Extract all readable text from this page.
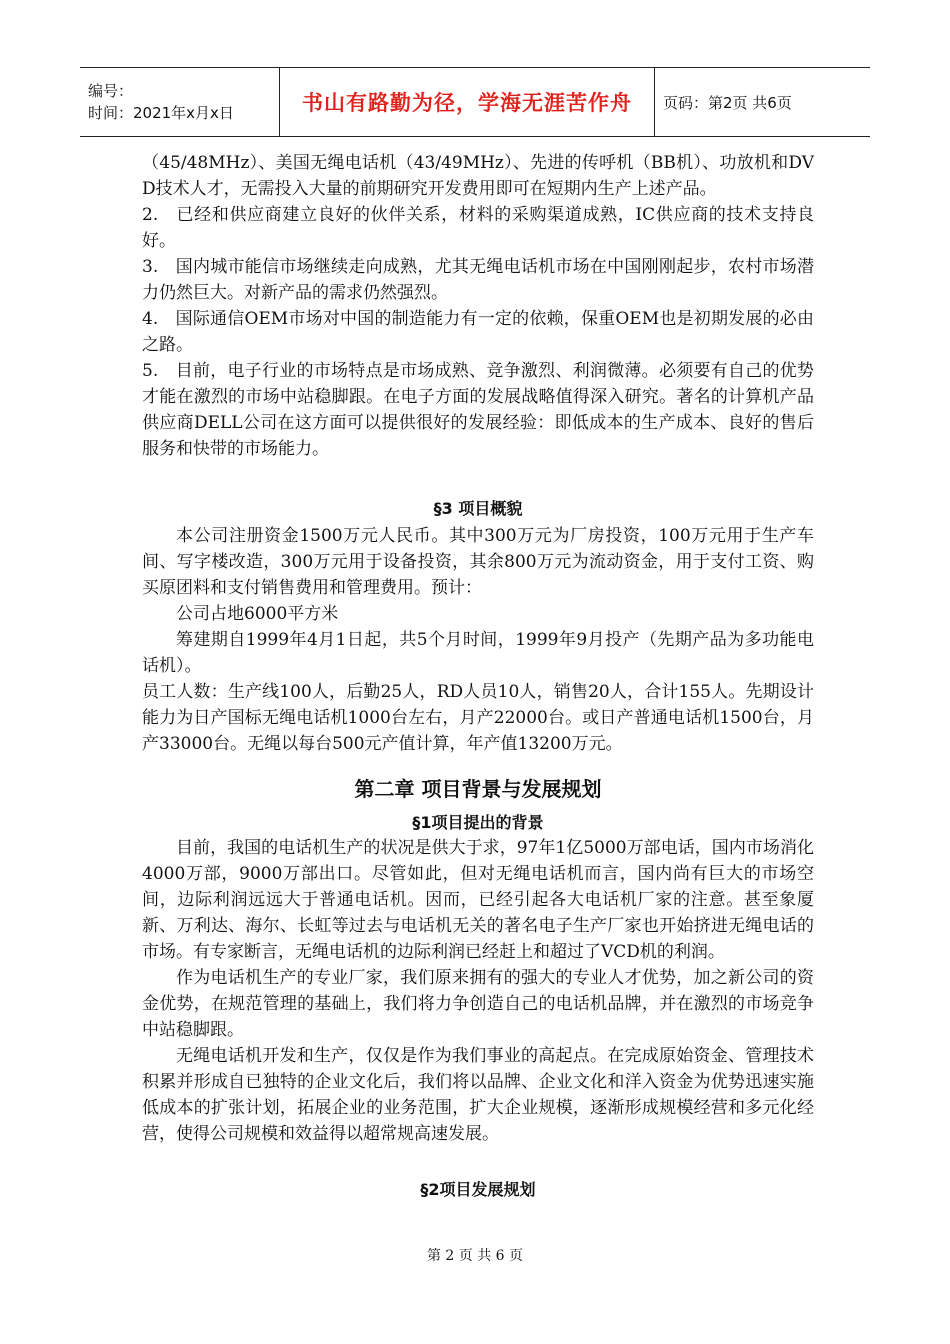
编号：
时间：2021年x月x日	书山有路勤为径，学海无涯苦作舟 页码：第2页 共6页

（45/48MHz）、美国无绳电话机（43/49MHz）、先进的传呼机（BB机）、功放机和DVD技术人才，无需投入大量的前期研究开发费用即可在短期内生产上述产品。

2.　已经和供应商建立良好的伙伴关系，材料的采购渠道成熟，IC供应商的技术支持良好。

3.　国内城市能信市场继续走向成熟，尤其无绳电话机市场在中国刚刚起步，农村市场潜力仍然巨大。对新产品的需求仍然强烈。

4.　国际通信OEM市场对中国的制造能力有一定的依赖，保重OEM也是初期发展的必由之路。

5.　目前，电子行业的市场特点是市场成熟、竞争激烈、利润微薄。必须要有自己的优势才能在激烈的市场中站稳脚跟。在电子方面的发展战略值得深入研究。著名的计算机产品供应商DELL公司在这方面可以提供很好的发展经验：即低成本的生产成本、良好的售后服务和快带的市场能力。

§3 项目概貌

本公司注册资金1500万元人民币。其中300万元为厂房投资，100万元用于生产车间、写字楼改造，300万元用于设备投资，其余800万元为流动资金，用于支付工资、购买原团料和支付销售费用和管理费用。预计：

公司占地6000平方米

筹建期自1999年4月1日起，共5个月时间，1999年9月投产（先期产品为多功能电话机）。

员工人数：生产线100人，后勤25人，RD人员10人，销售20人，合计155人。先期设计能力为日产国标无绳电话机1000台左右，月产22000台。或日产普通电话机1500台，月产33000台。无绳以每台500元产值计算，年产值13200万元。

第二章 项目背景与发展规划

§1项目提出的背景

目前，我国的电话机生产的状况是供大于求，97年1亿5000万部电话，国内市场消化4000万部，9000万部出口。尽管如此，但对无绳电话机而言，国内尚有巨大的市场空间，边际利润远远大于普通电话机。因而，已经引起各大电话机厂家的注意。甚至象厦新、万利达、海尔、长虹等过去与电话机无关的著名电子生产厂家也开始挤进无绳电话的市场。有专家断言，无绳电话机的边际利润已经赶上和超过了VCD机的利润。

作为电话机生产的专业厂家，我们原来拥有的强大的专业人才优势，加之新公司的资金优势，在规范管理的基础上，我们将力争创造自己的电话机品牌，并在激烈的市场竞争中站稳脚跟。

无绳电话机开发和生产，仅仅是作为我们事业的高起点。在完成原始资金、管理技术积累并形成自已独特的企业文化后，我们将以品牌、企业文化和洋入资金为优势迅速实施低成本的扩张计划，拓展企业的业务范围，扩大企业规模，逐渐形成规模经营和多元化经营，使得公司规模和效益得以超常规高速发展。

§2项目发展规划

第 2 页 共 6 页
